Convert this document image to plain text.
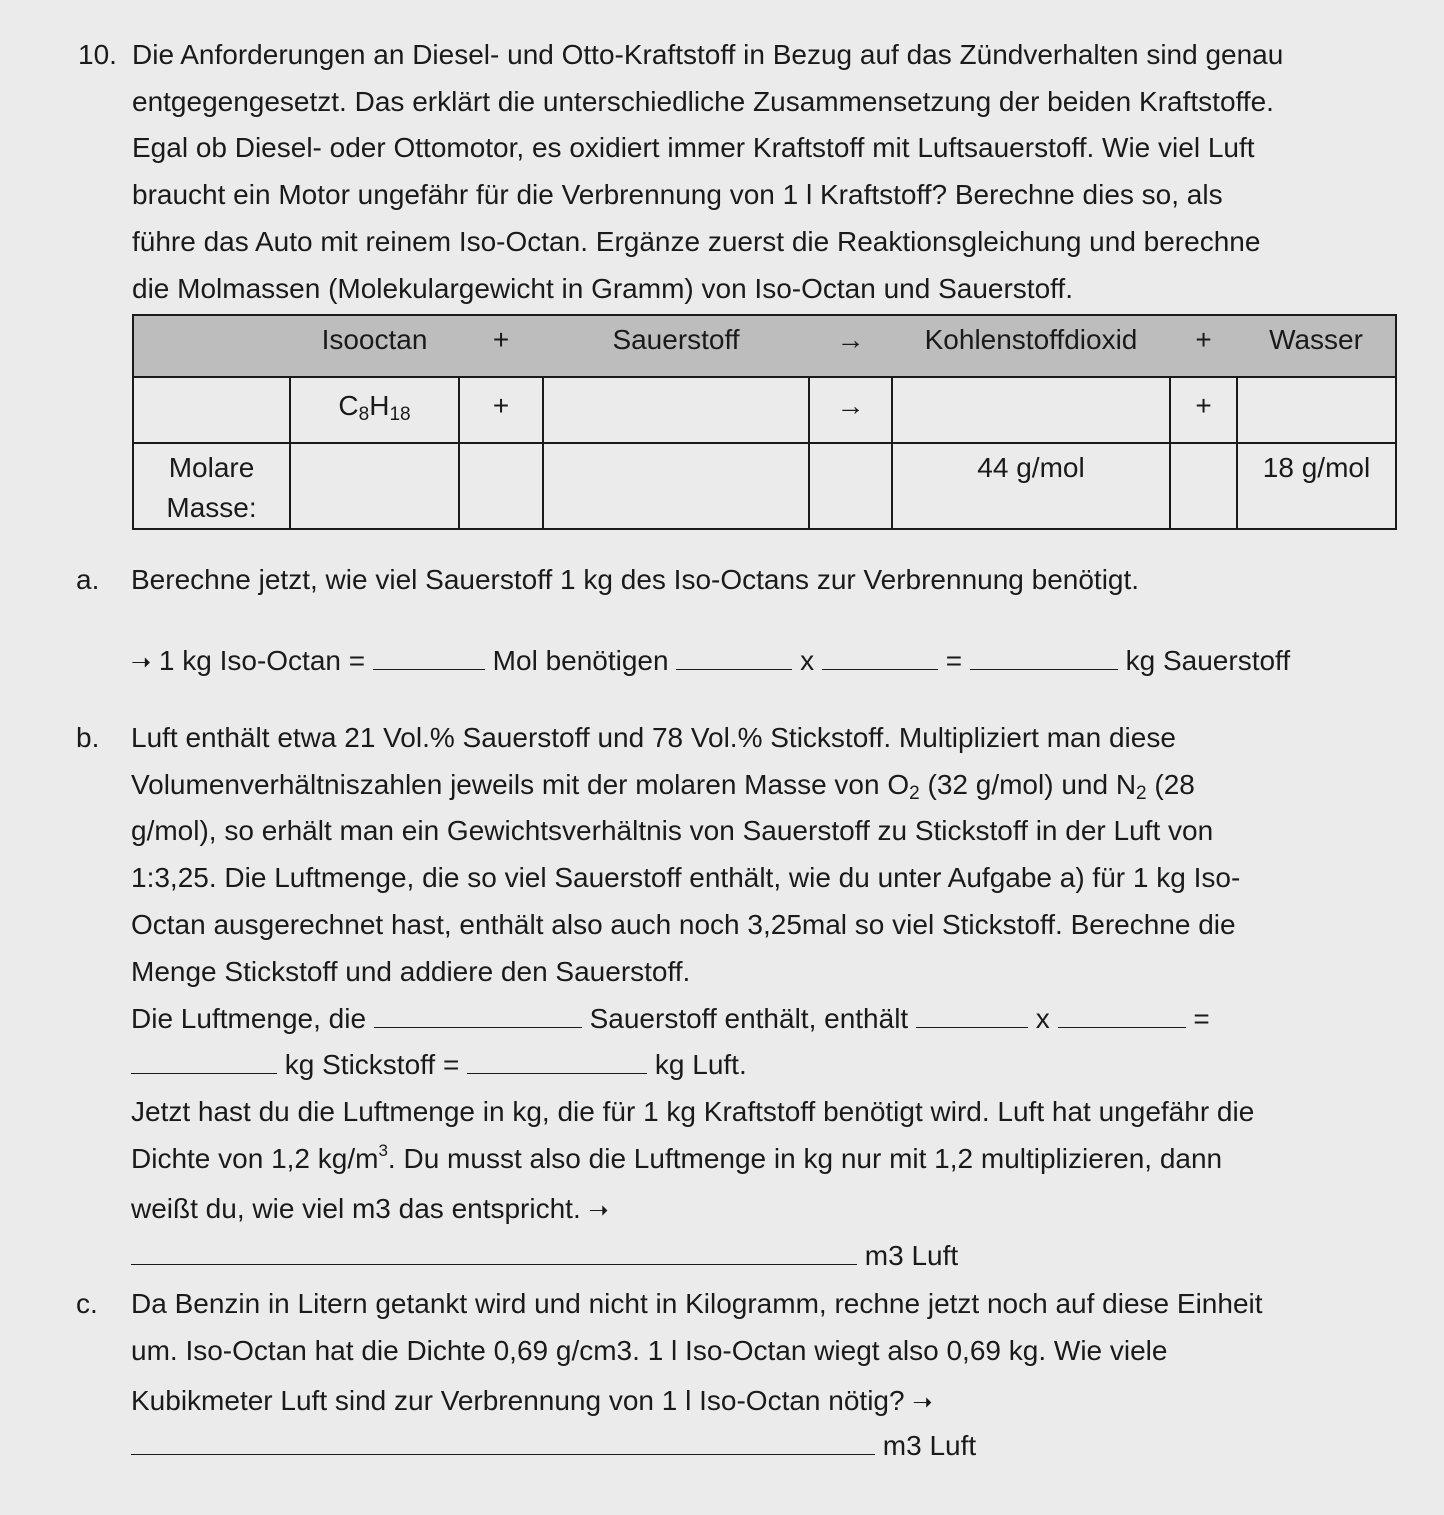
10. Die Anforderungen an Diesel- und Otto-Kraftstoff in Bezug auf das Zündverhalten sind genau
entgegengesetzt. Das erklärt die unterschiedliche Zusammensetzung der beiden Kraftstoffe.
Egal ob Diesel- oder Ottomotor, es oxidiert immer Kraftstoff mit Luftsauerstoff. Wie viel Luft
braucht ein Motor ungefähr für die Verbrennung von 1 l Kraftstoff? Berechne dies so, als
führe das Auto mit reinem Iso-Octan. Ergänze zuerst die Reaktionsgleichung und berechne
die Molmassen (Molekulargewicht in Gramm) von Iso-Octan und Sauerstoff.
	Isooctan	+	Sauerstoff	→	Kohlenstoffdioxid	+	Wasser
	$C_8H_{18}$	+		→		+	
Molare
Masse:					44 g/mol		18 g/mol
a. Berechne jetzt, wie viel Sauerstoff 1 kg des Iso-Octans zur Verbrennung benötigt.
➝ 1 kg Iso-Octan =	Mol benötigen	x	=	kg Sauerstoff
b. Luft enthält etwa 21 Vol.% Sauerstoff und 78 Vol.% Stickstoff. Multipliziert man diese
Volumenverhältniszahlen jeweils mit der molaren Masse von $O_2$ (32 g/mol) und $N_2$ (28
g/mol), so erhält man ein Gewichtsverhältnis von Sauerstoff zu Stickstoff in der Luft von
1:3,25. Die Luftmenge, die so viel Sauerstoff enthält, wie du unter Aufgabe a) für 1 kg Iso-
Octan ausgerechnet hast, enthält also auch noch 3,25mal so viel Stickstoff. Berechne die
Menge Stickstoff und addiere den Sauerstoff.
Die Luftmenge, die	Sauerstoff enthält, enthält	x	=
kg Stickstoff =	kg Luft.
Jetzt hast du die Luftmenge in kg, die für 1 kg Kraftstoff benötigt wird. Luft hat ungefähr die
Dichte von 1,2 $kg/m^3$. Du musst also die Luftmenge in kg nur mit 1,2 multiplizieren, dann
weißt du, wie viel m3 das entspricht. ➝
m3 Luft
c. Da Benzin in Litern getankt wird und nicht in Kilogramm, rechne jetzt noch auf diese Einheit
um. Iso-Octan hat die Dichte 0,69 g/cm3. 1 l Iso-Octan wiegt also 0,69 kg. Wie viele
Kubikmeter Luft sind zur Verbrennung von 1 l Iso-Octan nötig? ➝
m3 Luft
